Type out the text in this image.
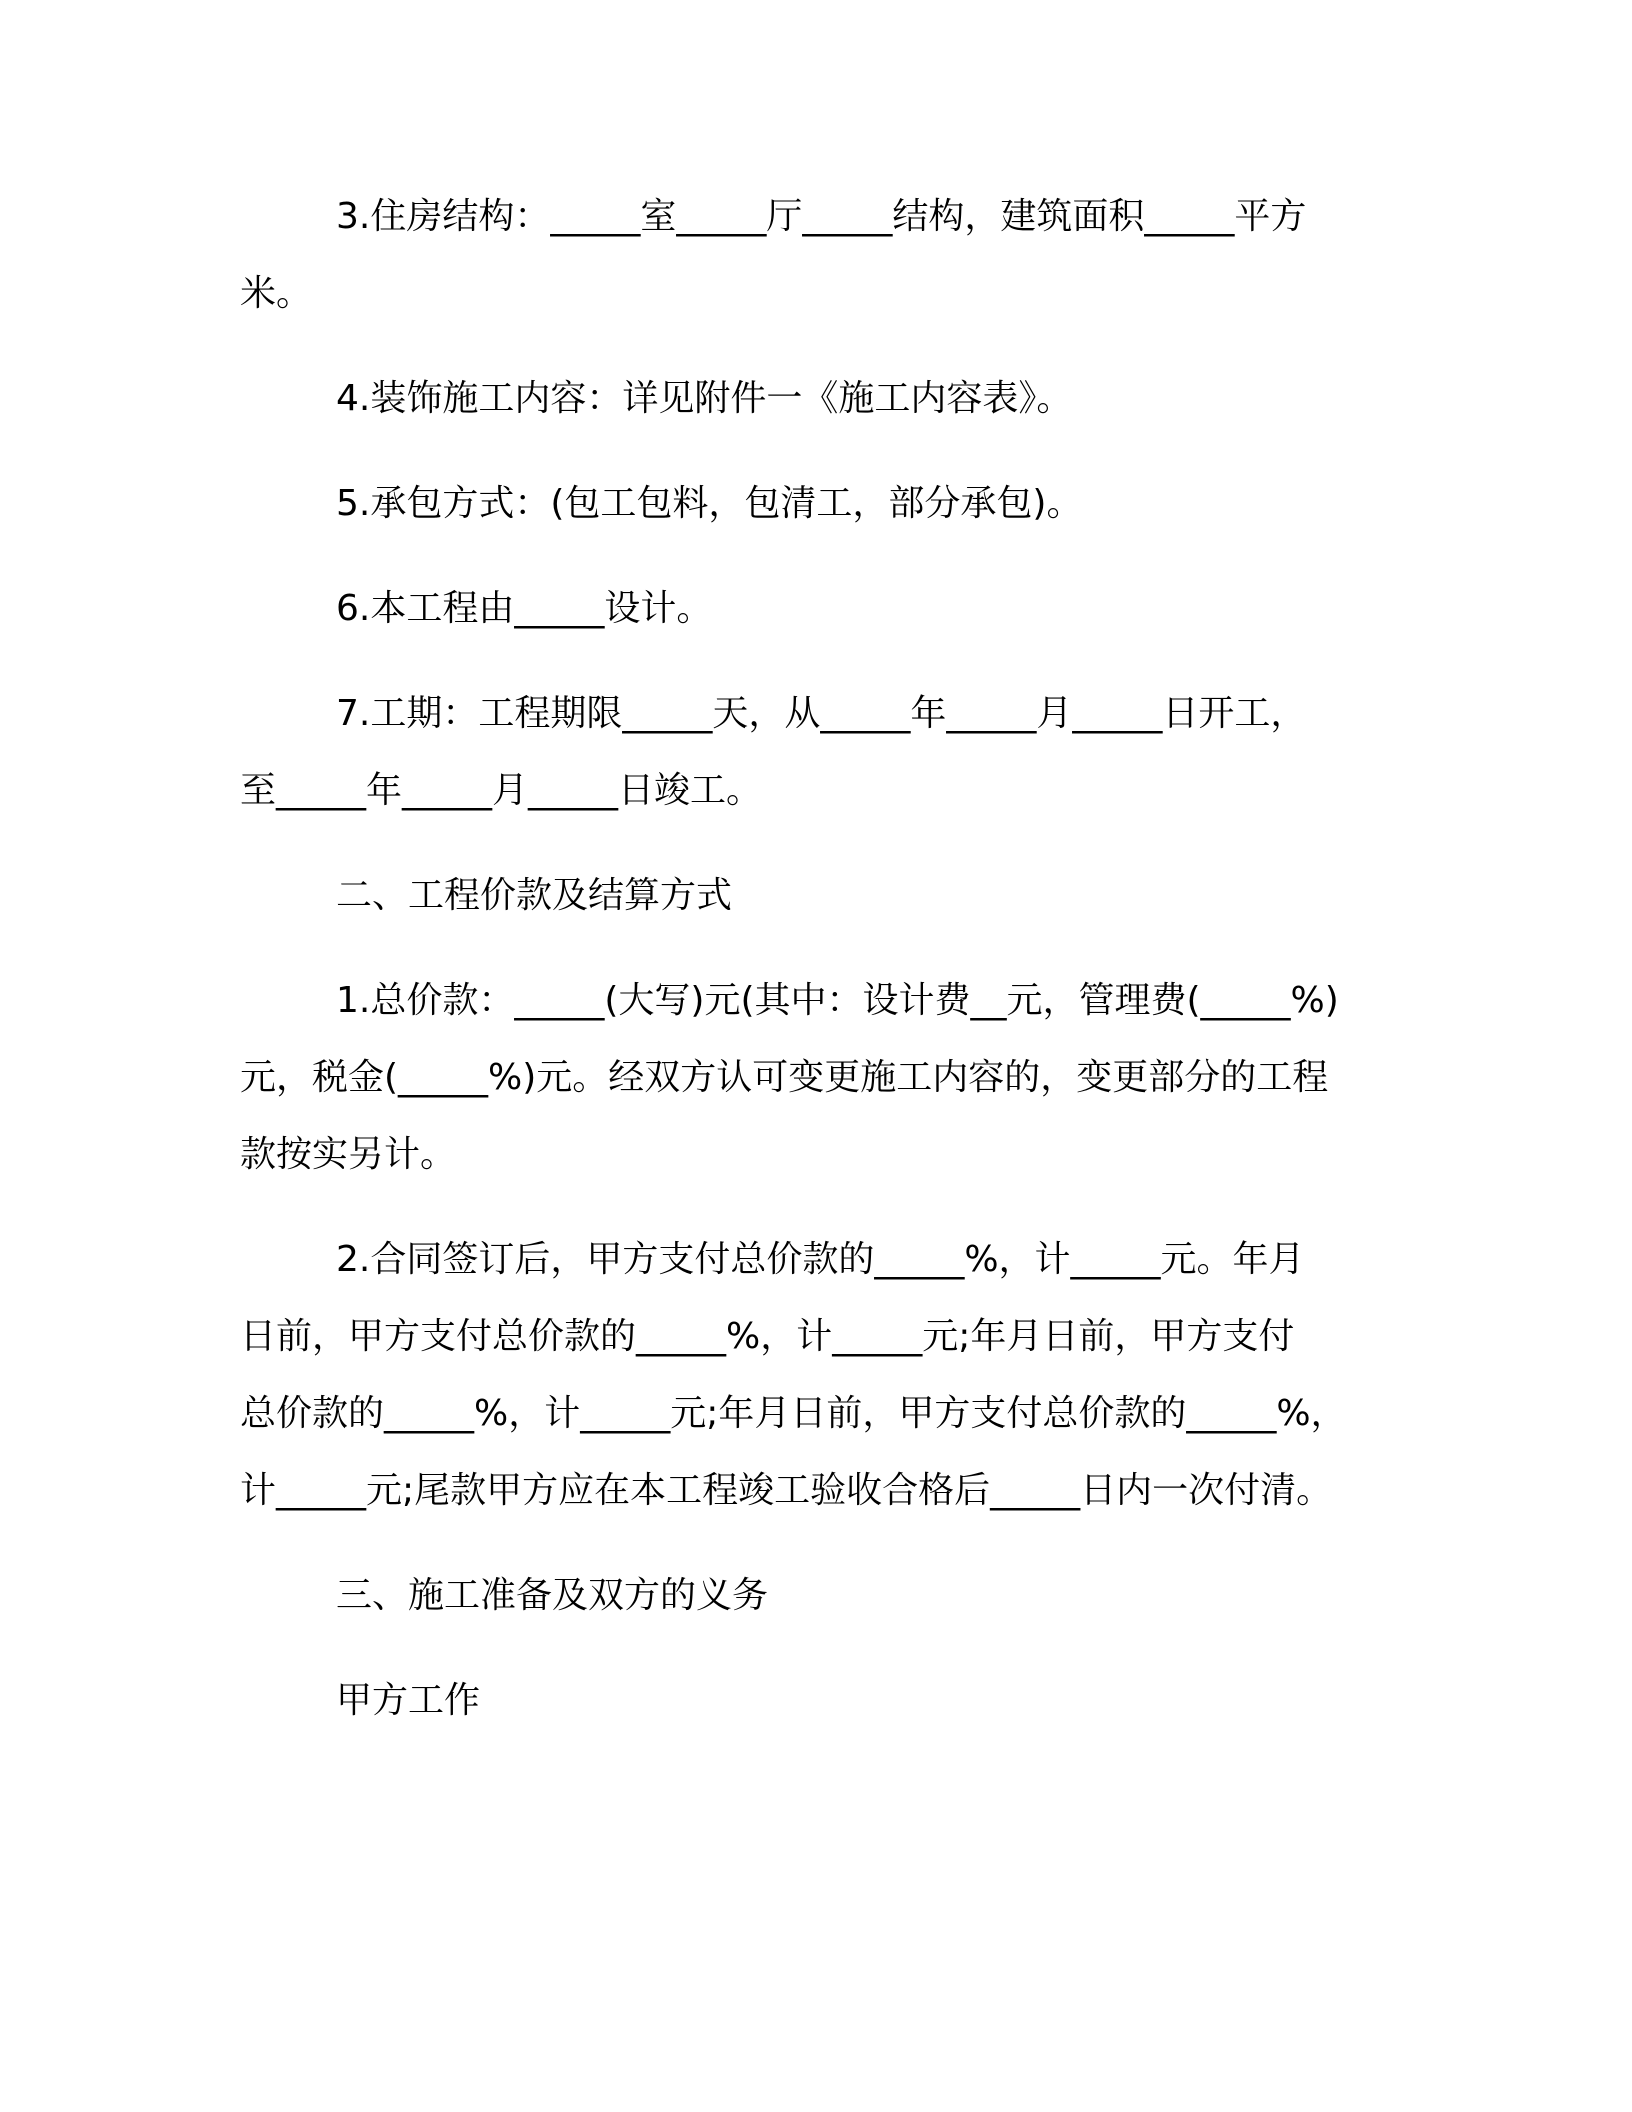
3.住房结构：_____室_____厅_____结构，建筑面积_____平方
米。

4.装饰施工内容：详见附件一《施工内容表》。

5.承包方式：(包工包料，包清工，部分承包)。

6.本工程由_____设计。

7.工期：工程期限_____天，从_____年_____月_____日开工，
至_____年_____月_____日竣工。

二、工程价款及结算方式

1.总价款：_____(大写)元(其中：设计费__元，管理费(_____%)
元，税金(_____%)元。经双方认可变更施工内容的，变更部分的工程
款按实另计。

2.合同签订后，甲方支付总价款的_____%，计_____元。年月
日前，甲方支付总价款的_____%，计_____元;年月日前，甲方支付
总价款的_____%，计_____元;年月日前，甲方支付总价款的_____%，
计_____元;尾款甲方应在本工程竣工验收合格后_____日内一次付清。

三、施工准备及双方的义务

甲方工作
